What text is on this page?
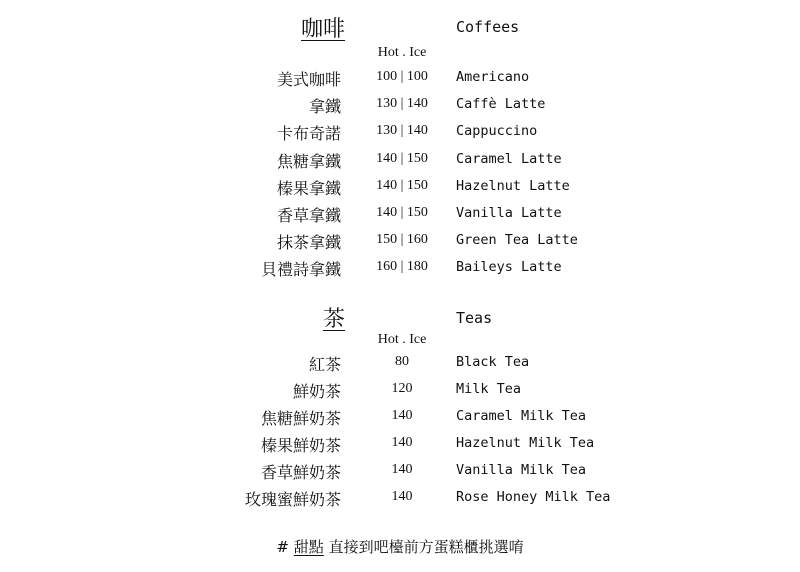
咖啡	Coffees
Hot . Ice
美式咖啡	100 | 100	Americano
拿鐵	130 | 140	Caffè Latte
卡布奇諾	130 | 140	Cappuccino
焦糖拿鐵	140 | 150	Caramel Latte
榛果拿鐵	140 | 150	Hazelnut Latte
香草拿鐵	140 | 150	Vanilla Latte
抹茶拿鐵	150 | 160	Green Tea Latte
貝禮詩拿鐵	160 | 180	Baileys Latte
茶	Teas
Hot . Ice
紅茶	80	Black Tea
鮮奶茶	120	Milk Tea
焦糖鮮奶茶	140	Caramel Milk Tea
榛果鮮奶茶	140	Hazelnut Milk Tea
香草鮮奶茶	140	Vanilla Milk Tea
玫瑰蜜鮮奶茶	140	Rose Honey Milk Tea
# 甜點 直接到吧檯前方蛋糕櫃挑選唷
